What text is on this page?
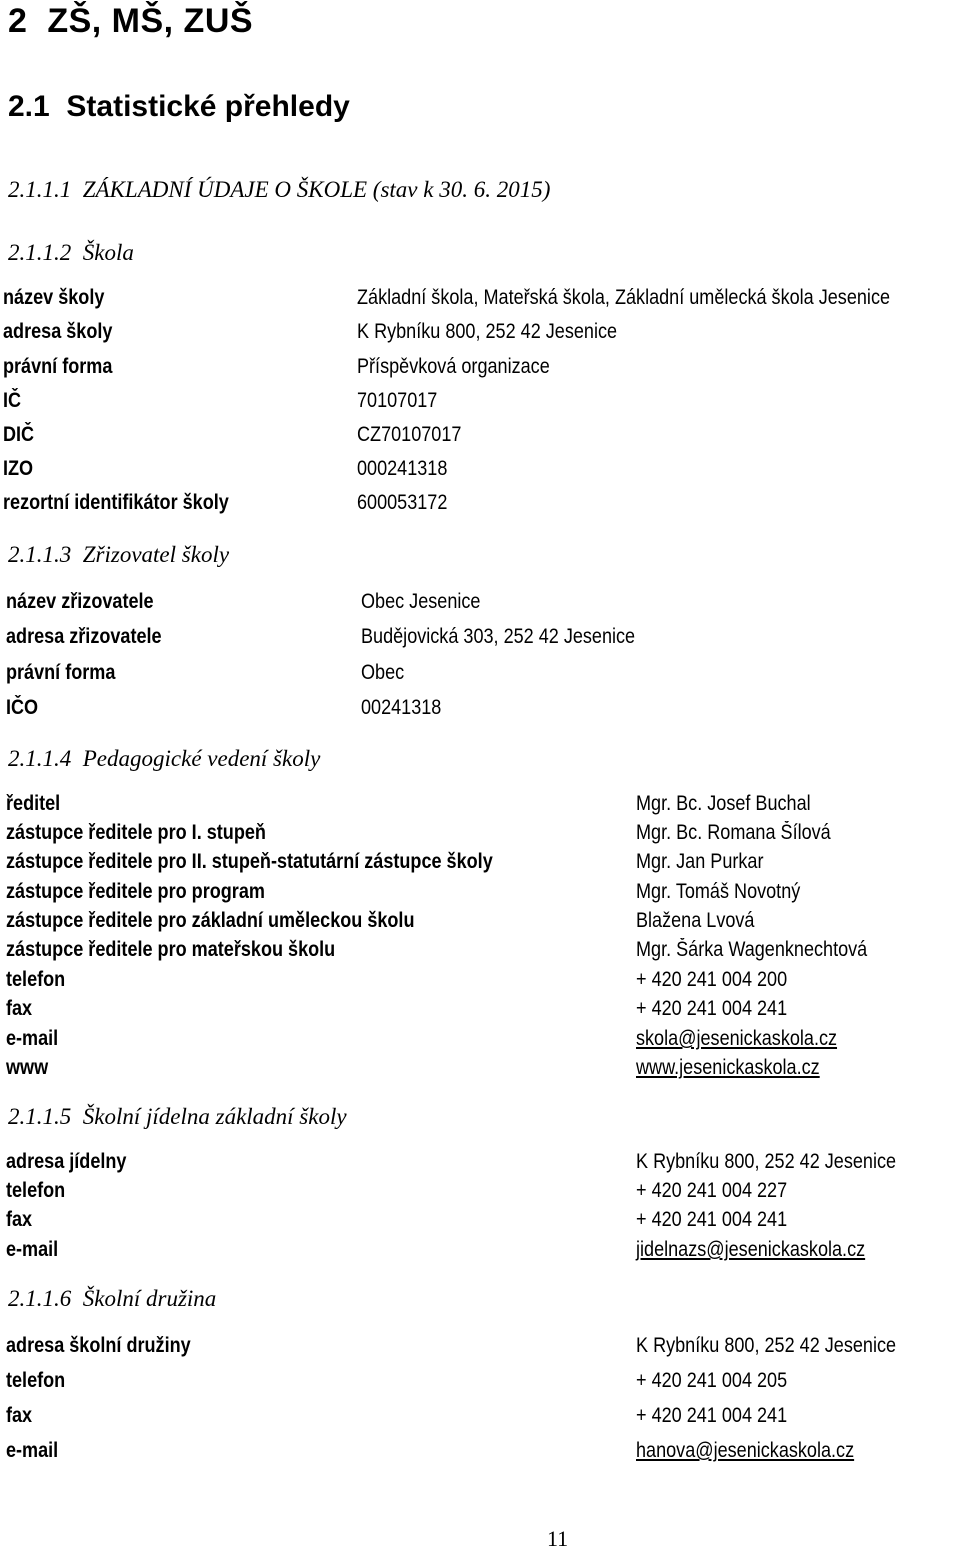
2 ZŠ, MŠ, ZUŠ
2.1 Statistické přehledy
2.1.1.1 ZÁKLADNÍ ÚDAJE O ŠKOLE (stav k 30. 6. 2015)
2.1.1.2 Škola
název školy	Základní škola, Mateřská škola, Základní umělecká škola Jesenice
adresa školy	K Rybníku 800, 252 42 Jesenice
právní forma	Příspěvková organizace
IČ	70107017
DIČ	CZ70107017
IZO	000241318
rezortní identifikátor školy	600053172
2.1.1.3 Zřizovatel školy
název zřizovatele	Obec Jesenice
adresa zřizovatele	Budějovická 303, 252 42 Jesenice
právní forma	Obec
IČO	00241318
2.1.1.4 Pedagogické vedení školy
ředitel	Mgr. Bc. Josef Buchal
zástupce ředitele pro I. stupeň	Mgr. Bc. Romana Šílová
zástupce ředitele pro II. stupeň-statutární zástupce školy	Mgr. Jan Purkar
zástupce ředitele pro program	Mgr. Tomáš Novotný
zástupce ředitele pro základní uměleckou školu	Blažena Lvová
zástupce ředitele pro mateřskou školu	Mgr. Šárka Wagenknechtová
telefon	+ 420 241 004 200
fax	+ 420 241 004 241
e-mail	skola@jesenickaskola.cz
www	www.jesenickaskola.cz
2.1.1.5 Školní jídelna základní školy
adresa jídelny	K Rybníku 800, 252 42 Jesenice
telefon	+ 420 241 004 227
fax	+ 420 241 004 241
e-mail	jidelnazs@jesenickaskola.cz
2.1.1.6 Školní družina
adresa školní družiny	K Rybníku 800, 252 42 Jesenice
telefon	+ 420 241 004 205
fax	+ 420 241 004 241
e-mail	hanova@jesenickaskola.cz
11
